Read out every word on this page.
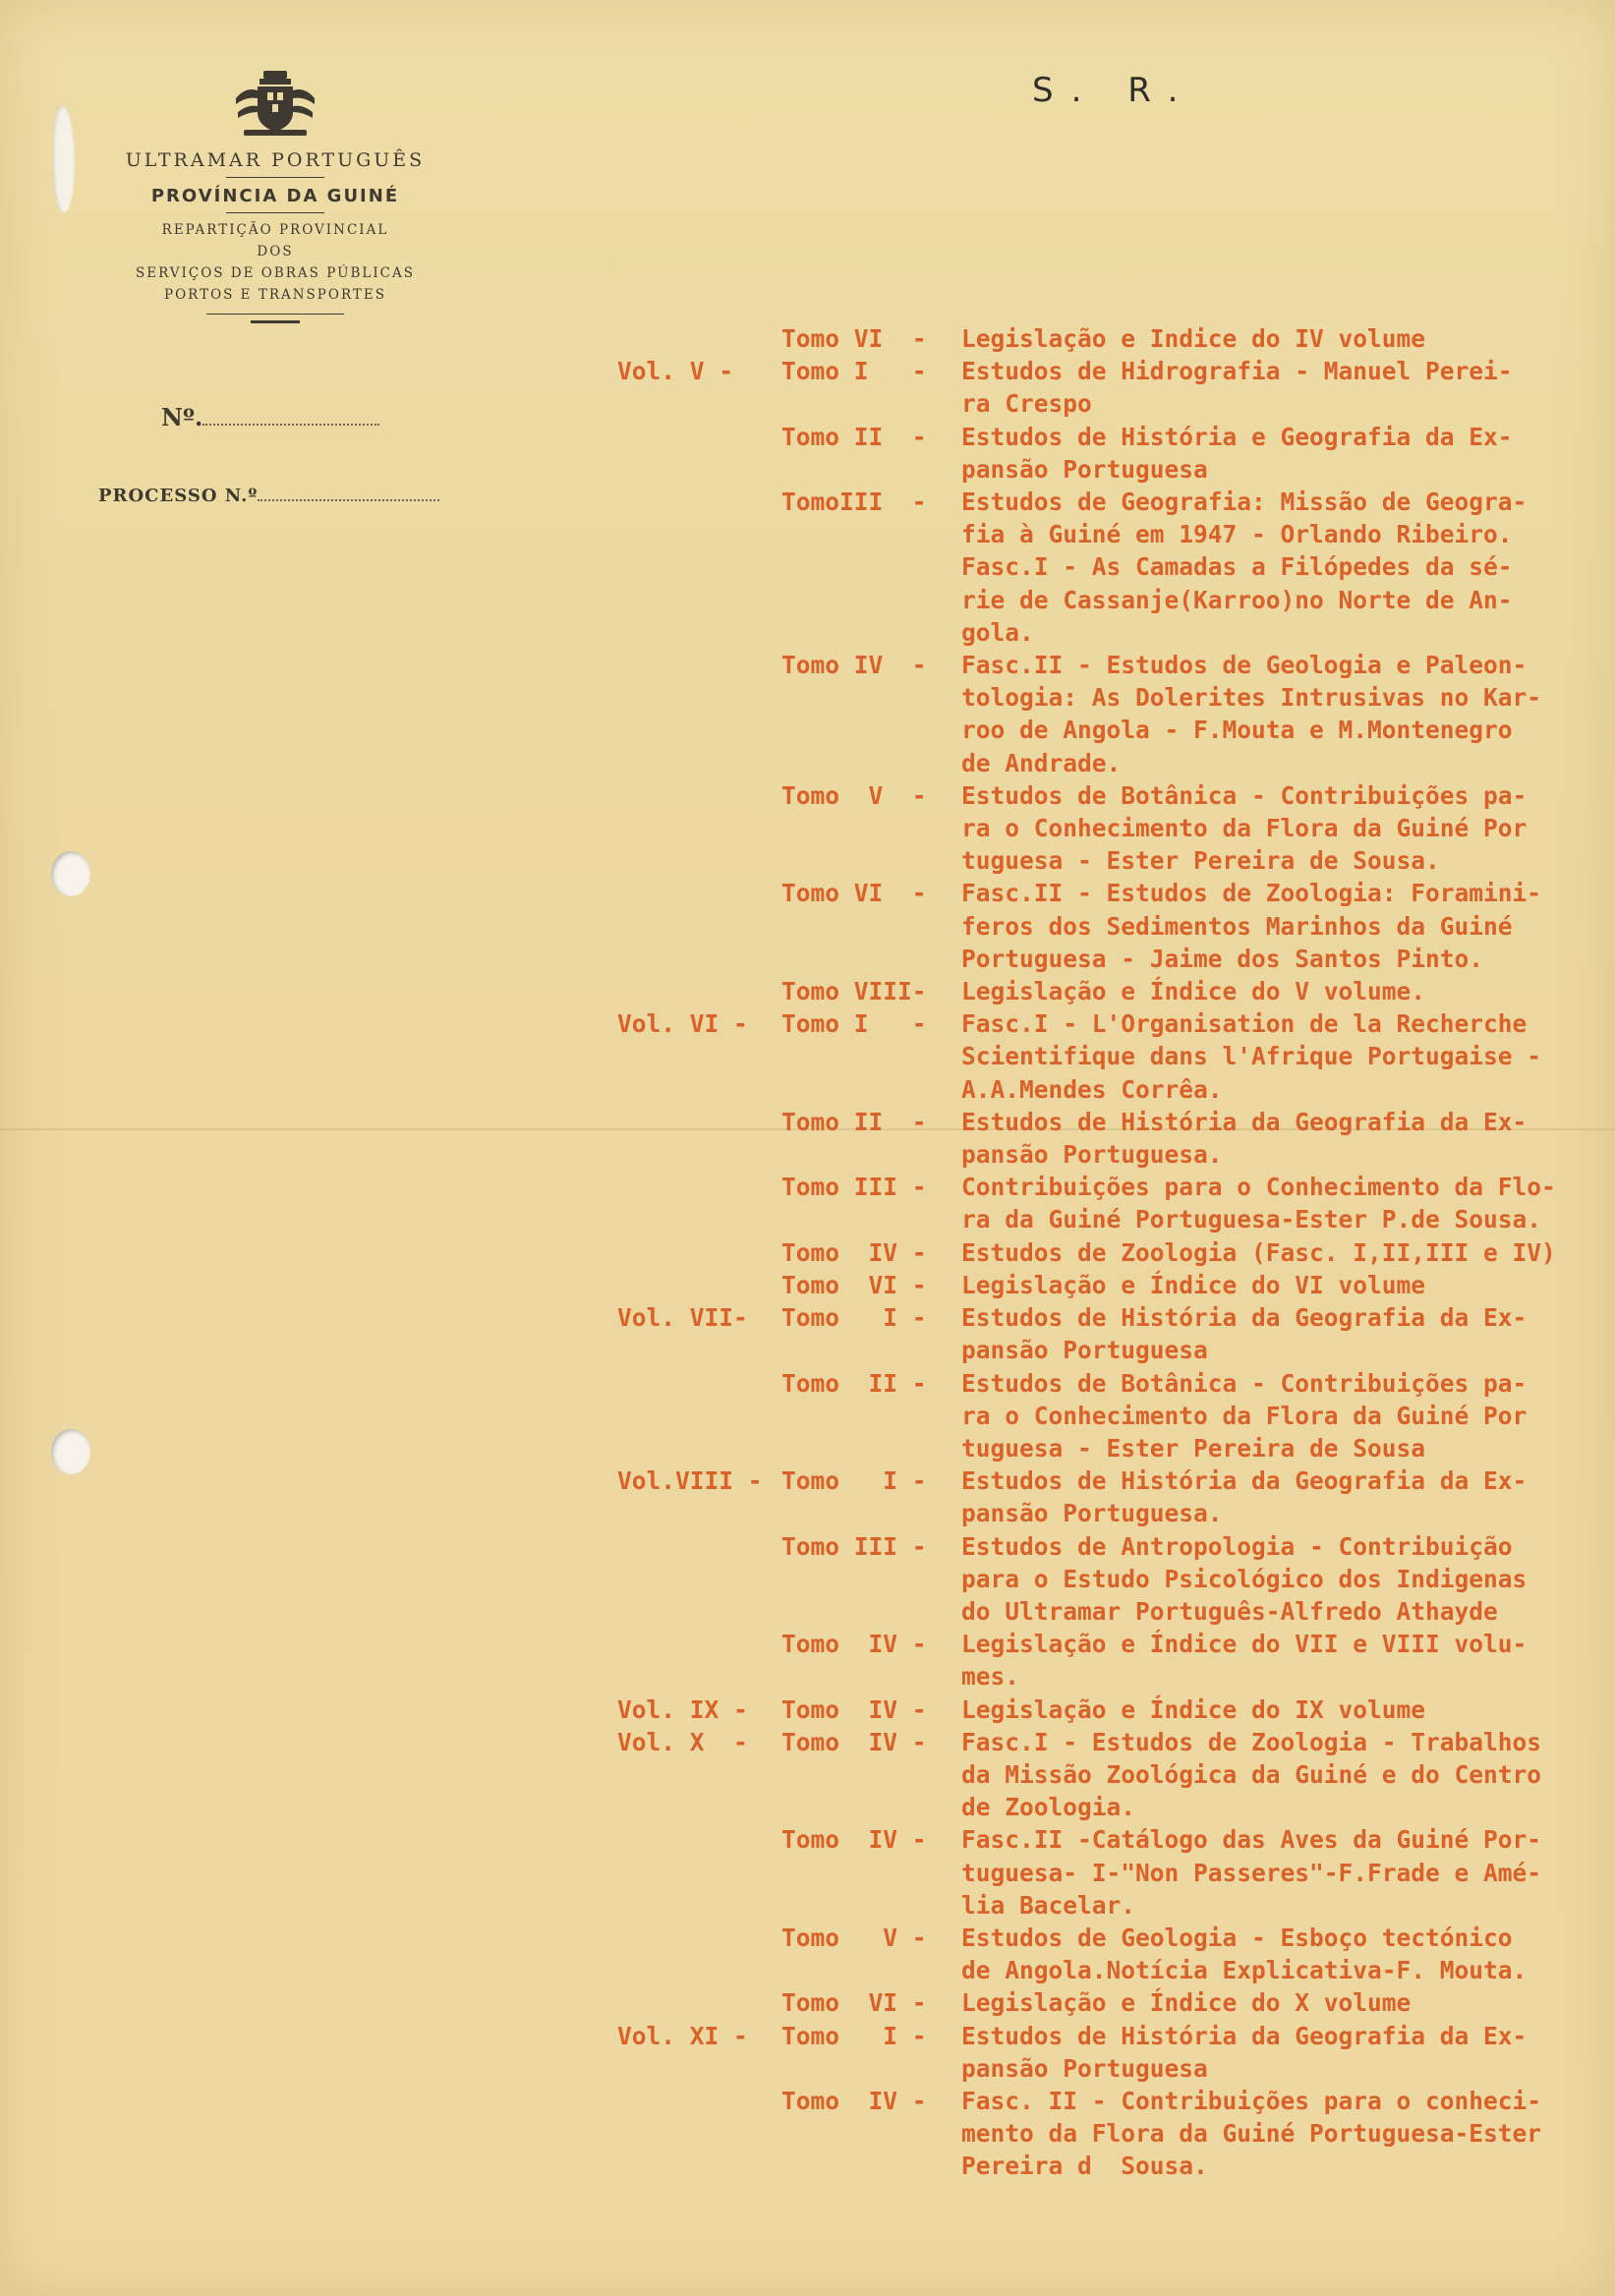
ULTRAMAR PORTUGUÊS
PROVÍNCIA DA GUINÉ
REPARTIÇÃO PROVINCIAL
DOS
SERVIÇOS DE OBRAS PÚBLICAS
PORTOS E TRANSPORTES
Nº.
PROCESSO N.º
S. R.
Tomo VI  -	Legislação e Indice do IV volume
Vol. V -	Tomo I   -	Estudos de Hidrografia - Manuel Perei-
ra Crespo
Tomo II  -	Estudos de História e Geografia da Ex-
pansão Portuguesa
TomoIII  -	Estudos de Geografia: Missão de Geogra-
fia à Guiné em 1947 - Orlando Ribeiro.
Fasc.I - As Camadas a Filópedes da sé-
rie de Cassanje(Karroo)no Norte de An-
gola.
Tomo IV  -	Fasc.II - Estudos de Geologia e Paleon-
tologia: As Dolerites Intrusivas no Kar-
roo de Angola - F.Mouta e M.Montenegro
de Andrade.
Tomo  V  -	Estudos de Botânica - Contribuições pa-
ra o Conhecimento da Flora da Guiné Por
tuguesa - Ester Pereira de Sousa.
Tomo VI  -	Fasc.II - Estudos de Zoologia: Foramini-
feros dos Sedimentos Marinhos da Guiné
Portuguesa - Jaime dos Santos Pinto.
Tomo VIII-	Legislação e Índice do V volume.
Vol. VI -	Tomo I   -	Fasc.I - L'Organisation de la Recherche
Scientifique dans l'Afrique Portugaise -
A.A.Mendes Corrêa.
Tomo II  -	Estudos de História da Geografia da Ex-
pansão Portuguesa.
Tomo III -	Contribuições para o Conhecimento da Flo-
ra da Guiné Portuguesa-Ester P.de Sousa.
Tomo  IV -	Estudos de Zoologia (Fasc. I,II,III e IV)
Tomo  VI -	Legislação e Índice do VI volume
Vol. VII-	Tomo   I -	Estudos de História da Geografia da Ex-
pansão Portuguesa
Tomo  II -	Estudos de Botânica - Contribuições pa-
ra o Conhecimento da Flora da Guiné Por
tuguesa - Ester Pereira de Sousa
Vol.VIII - Tomo   I -	Estudos de História da Geografia da Ex-
pansão Portuguesa.
Tomo III -	Estudos de Antropologia - Contribuição
para o Estudo Psicológico dos Indigenas
do Ultramar Português-Alfredo Athayde
Tomo  IV -	Legislação e Índice do VII e VIII volu-
mes.
Vol. IX -	Tomo  IV -	Legislação e Índice do IX volume
Vol. X  -	Tomo  IV -	Fasc.I - Estudos de Zoologia - Trabalhos
da Missão Zoológica da Guiné e do Centro
de Zoologia.
Tomo  IV -	Fasc.II -Catálogo das Aves da Guiné Por-
tuguesa- I-"Non Passeres"-F.Frade e Amé-
lia Bacelar.
Tomo   V -	Estudos de Geologia - Esboço tectónico
de Angola.Notícia Explicativa-F. Mouta.
Tomo  VI -	Legislação e Índice do X volume
Vol. XI -	Tomo   I -	Estudos de História da Geografia da Ex-
pansão Portuguesa
Tomo  IV -	Fasc. II - Contribuições para o conheci-
mento da Flora da Guiné Portuguesa-Ester
Pereira d  Sousa.
